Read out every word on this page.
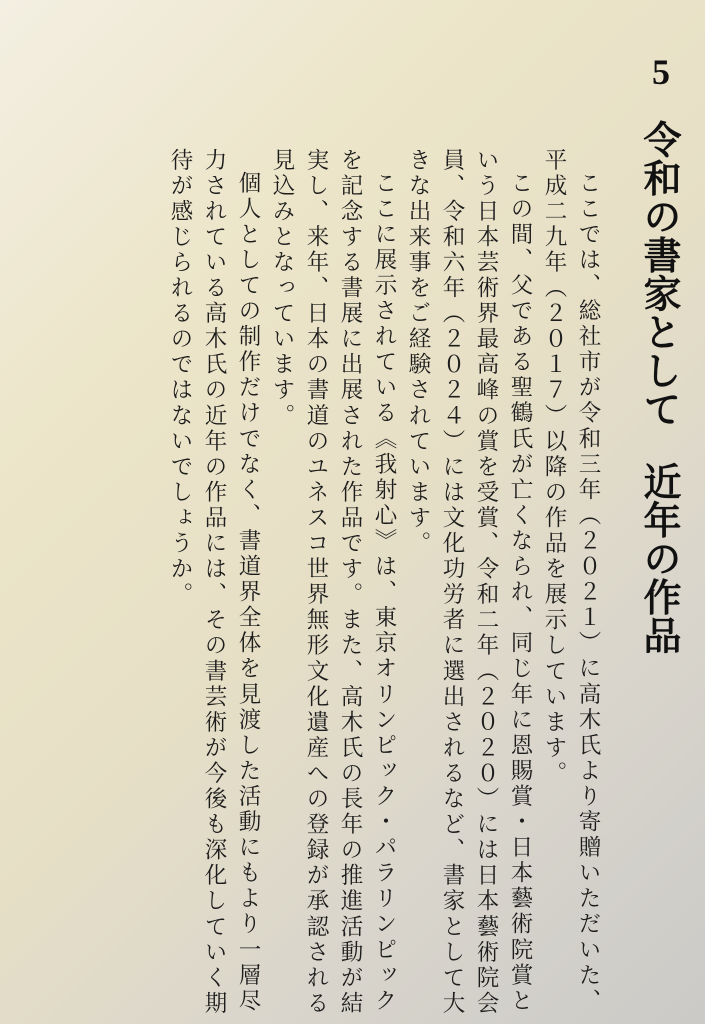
5
令和の書家として近年の作品

ここでは、総社市が令和三年（２０２１）に高木氏より寄贈いただいた、平成二九年（２０１７）以降の作品を展示しています。

この間、父である聖鶴氏が亡くなられ、同じ年に恩賜賞・日本藝術院賞という日本芸術界最高峰の賞を受賞、令和二年（２０２０）には日本藝術院会員、令和六年（２０２４）には文化功労者に選出されるなど、書家として大きな出来事をご経験されています。

ここに展示されている《我射心》は、東京オリンピック・パラリンピックを記念する書展に出展された作品です。また、高木氏の長年の推進活動が結実し、来年、日本の書道のユネスコ世界無形文化遺産への登録が承認される見込みとなっています。

個人としての制作だけでなく、書道界全体を見渡した活動にもより一層尽力されている高木氏の近年の作品には、その書芸術が今後も深化していく期待が感じられるのではないでしょうか。
